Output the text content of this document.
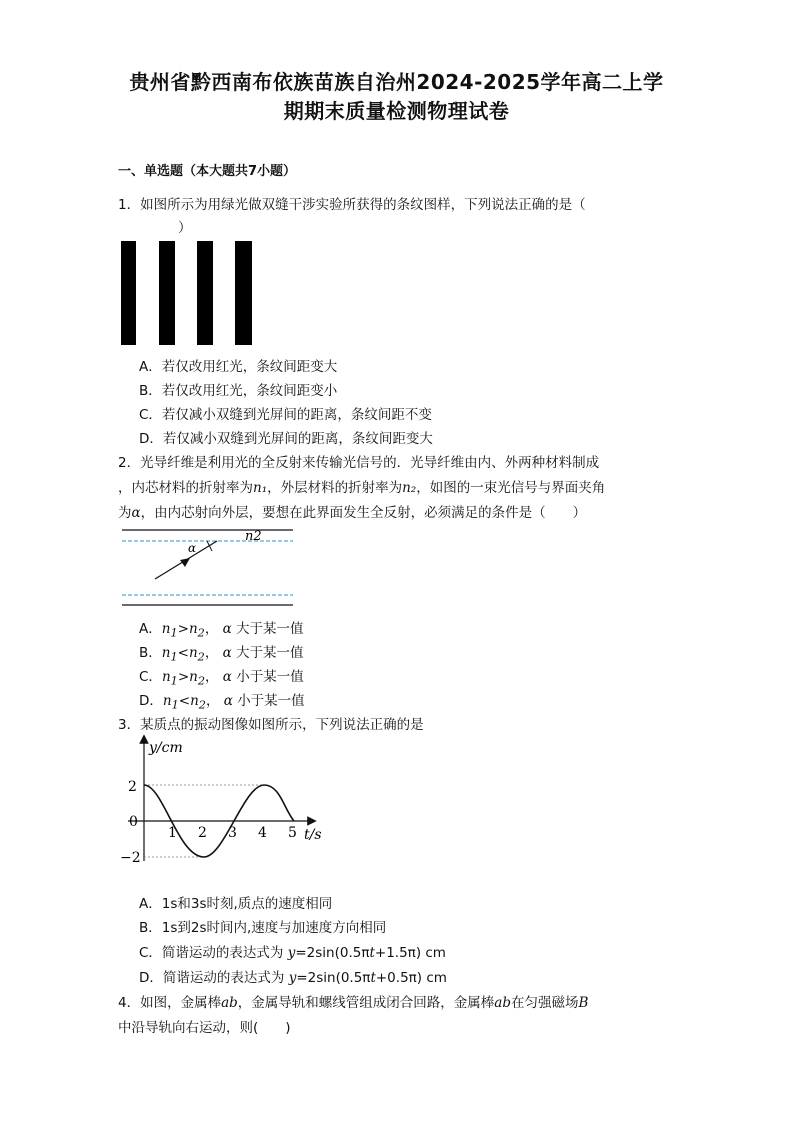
贵州省黔西南布依族苗族自治州2024-2025学年高二上学
期期末质量检测物理试卷
一、单选题（本大题共7小题）
1．如图所示为用绿光做双缝干涉实验所获得的条纹图样，下列说法正确的是（
）
A．若仅改用红光，条纹间距变大
B．若仅改用红光，条纹间距变小
C．若仅减小双缝到光屏间的距离，条纹间距不变
D．若仅减小双缝到光屏间的距离，条纹间距变大
2．光导纤维是利用光的全反射来传输光信号的．光导纤维由内、外两种材料制成
，内芯材料的折射率为n₁，外层材料的折射率为n₂，如图的一束光信号与界面夹角
为α，由内芯射向外层，要想在此界面发生全反射，必须满足的条件是（　　）
α
n2
A．$n_1>n_2$， α 大于某一值
B．$n_1<n_2$， α 大于某一值
C．$n_1>n_2$， α 小于某一值
D．$n_1<n_2$， α 小于某一值
3．某质点的振动图像如图所示，下列说法正确的是
y/cm
t/s
2
0
−2
1 2 3 4 5
A．1s和3s时刻,质点的速度相同
B．1s到2s时间内,速度与加速度方向相同
C．简谐运动的表达式为 y=2sin(0.5πt+1.5π) cm
D．简谐运动的表达式为 y=2sin(0.5πt+0.5π) cm
4．如图，金属棒ab，金属导轨和螺线管组成闭合回路，金属棒ab在匀强磁场B
中沿导轨向右运动，则(　　)
